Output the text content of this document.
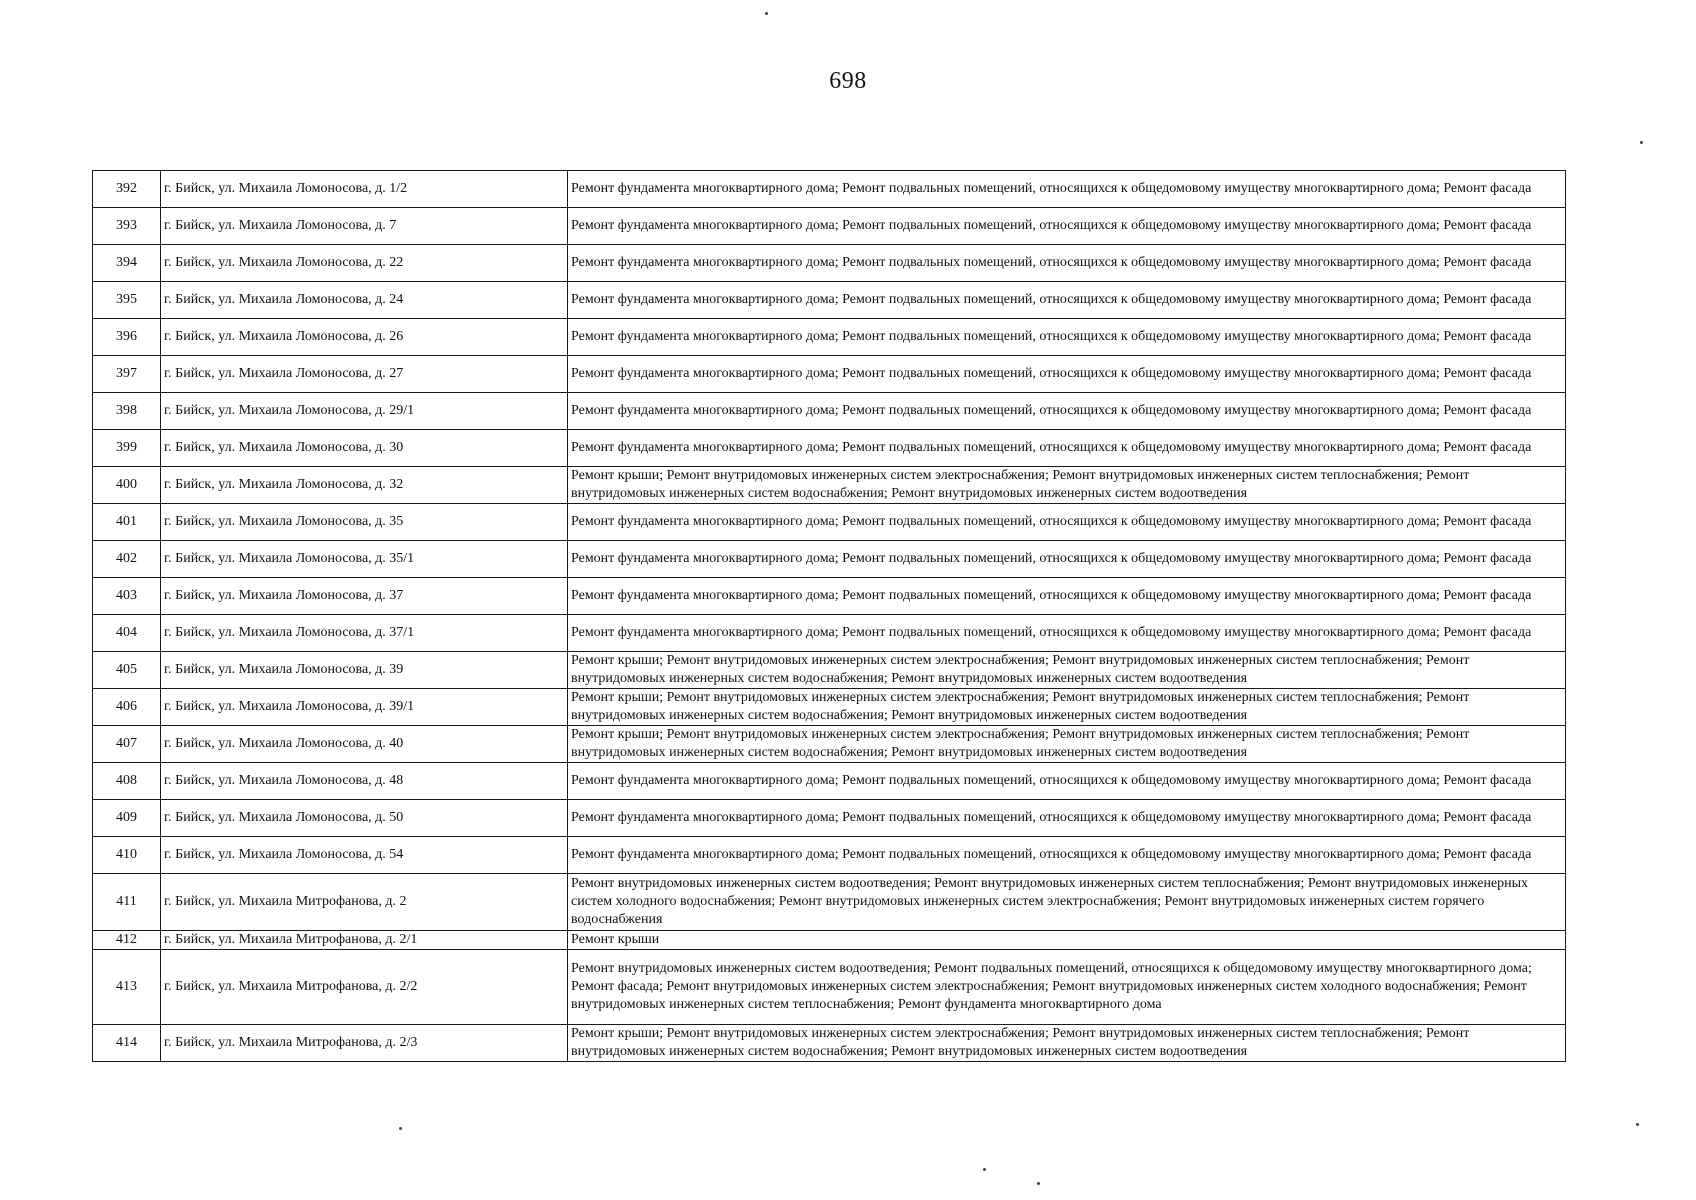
698
392	г. Бийск, ул. Михаила Ломоносова, д. 1/2	Ремонт фундамента многоквартирного дома; Ремонт подвальных помещений, относящихся к общедомовому имуществу многоквартирного дома; Ремонт фасада
393	г. Бийск, ул. Михаила Ломоносова, д. 7	Ремонт фундамента многоквартирного дома; Ремонт подвальных помещений, относящихся к общедомовому имуществу многоквартирного дома; Ремонт фасада
394	г. Бийск, ул. Михаила Ломоносова, д. 22	Ремонт фундамента многоквартирного дома; Ремонт подвальных помещений, относящихся к общедомовому имуществу многоквартирного дома; Ремонт фасада
395	г. Бийск, ул. Михаила Ломоносова, д. 24	Ремонт фундамента многоквартирного дома; Ремонт подвальных помещений, относящихся к общедомовому имуществу многоквартирного дома; Ремонт фасада
396	г. Бийск, ул. Михаила Ломоносова, д. 26	Ремонт фундамента многоквартирного дома; Ремонт подвальных помещений, относящихся к общедомовому имуществу многоквартирного дома; Ремонт фасада
397	г. Бийск, ул. Михаила Ломоносова, д. 27	Ремонт фундамента многоквартирного дома; Ремонт подвальных помещений, относящихся к общедомовому имуществу многоквартирного дома; Ремонт фасада
398	г. Бийск, ул. Михаила Ломоносова, д. 29/1	Ремонт фундамента многоквартирного дома; Ремонт подвальных помещений, относящихся к общедомовому имуществу многоквартирного дома; Ремонт фасада
399	г. Бийск, ул. Михаила Ломоносова, д. 30	Ремонт фундамента многоквартирного дома; Ремонт подвальных помещений, относящихся к общедомовому имуществу многоквартирного дома; Ремонт фасада
400	г. Бийск, ул. Михаила Ломоносова, д. 32	Ремонт крыши; Ремонт внутридомовых инженерных систем электроснабжения; Ремонт внутридомовых инженерных систем теплоснабжения; Ремонт внутридомовых инженерных систем водоснабжения; Ремонт внутридомовых инженерных систем водоотведения
401	г. Бийск, ул. Михаила Ломоносова, д. 35	Ремонт фундамента многоквартирного дома; Ремонт подвальных помещений, относящихся к общедомовому имуществу многоквартирного дома; Ремонт фасада
402	г. Бийск, ул. Михаила Ломоносова, д. 35/1	Ремонт фундамента многоквартирного дома; Ремонт подвальных помещений, относящихся к общедомовому имуществу многоквартирного дома; Ремонт фасада
403	г. Бийск, ул. Михаила Ломоносова, д. 37	Ремонт фундамента многоквартирного дома; Ремонт подвальных помещений, относящихся к общедомовому имуществу многоквартирного дома; Ремонт фасада
404	г. Бийск, ул. Михаила Ломоносова, д. 37/1	Ремонт фундамента многоквартирного дома; Ремонт подвальных помещений, относящихся к общедомовому имуществу многоквартирного дома; Ремонт фасада
405	г. Бийск, ул. Михаила Ломоносова, д. 39	Ремонт крыши; Ремонт внутридомовых инженерных систем электроснабжения; Ремонт внутридомовых инженерных систем теплоснабжения; Ремонт внутридомовых инженерных систем водоснабжения; Ремонт внутридомовых инженерных систем водоотведения
406	г. Бийск, ул. Михаила Ломоносова, д. 39/1	Ремонт крыши; Ремонт внутридомовых инженерных систем электроснабжения; Ремонт внутридомовых инженерных систем теплоснабжения; Ремонт внутридомовых инженерных систем водоснабжения; Ремонт внутридомовых инженерных систем водоотведения
407	г. Бийск, ул. Михаила Ломоносова, д. 40	Ремонт крыши; Ремонт внутридомовых инженерных систем электроснабжения; Ремонт внутридомовых инженерных систем теплоснабжения; Ремонт внутридомовых инженерных систем водоснабжения; Ремонт внутридомовых инженерных систем водоотведения
408	г. Бийск, ул. Михаила Ломоносова, д. 48	Ремонт фундамента многоквартирного дома; Ремонт подвальных помещений, относящихся к общедомовому имуществу многоквартирного дома; Ремонт фасада
409	г. Бийск, ул. Михаила Ломоносова, д. 50	Ремонт фундамента многоквартирного дома; Ремонт подвальных помещений, относящихся к общедомовому имуществу многоквартирного дома; Ремонт фасада
410	г. Бийск, ул. Михаила Ломоносова, д. 54	Ремонт фундамента многоквартирного дома; Ремонт подвальных помещений, относящихся к общедомовому имуществу многоквартирного дома; Ремонт фасада
411	г. Бийск, ул. Михаила Митрофанова, д. 2	Ремонт внутридомовых инженерных систем водоотведения; Ремонт внутридомовых инженерных систем теплоснабжения; Ремонт внутридомовых инженерных систем холодного водоснабжения; Ремонт внутридомовых инженерных систем электроснабжения; Ремонт внутридомовых инженерных систем горячего водоснабжения
412	г. Бийск, ул. Михаила Митрофанова, д. 2/1	Ремонт крыши
413	г. Бийск, ул. Михаила Митрофанова, д. 2/2	Ремонт внутридомовых инженерных систем водоотведения; Ремонт подвальных помещений, относящихся к общедомовому имуществу многоквартирного дома; Ремонт фасада; Ремонт внутридомовых инженерных систем электроснабжения; Ремонт внутридомовых инженерных систем холодного водоснабжения; Ремонт внутридомовых инженерных систем теплоснабжения; Ремонт фундамента многоквартирного дома
414	г. Бийск, ул. Михаила Митрофанова, д. 2/3	Ремонт крыши; Ремонт внутридомовых инженерных систем электроснабжения; Ремонт внутридомовых инженерных систем теплоснабжения; Ремонт внутридомовых инженерных систем водоснабжения; Ремонт внутридомовых инженерных систем водоотведения
